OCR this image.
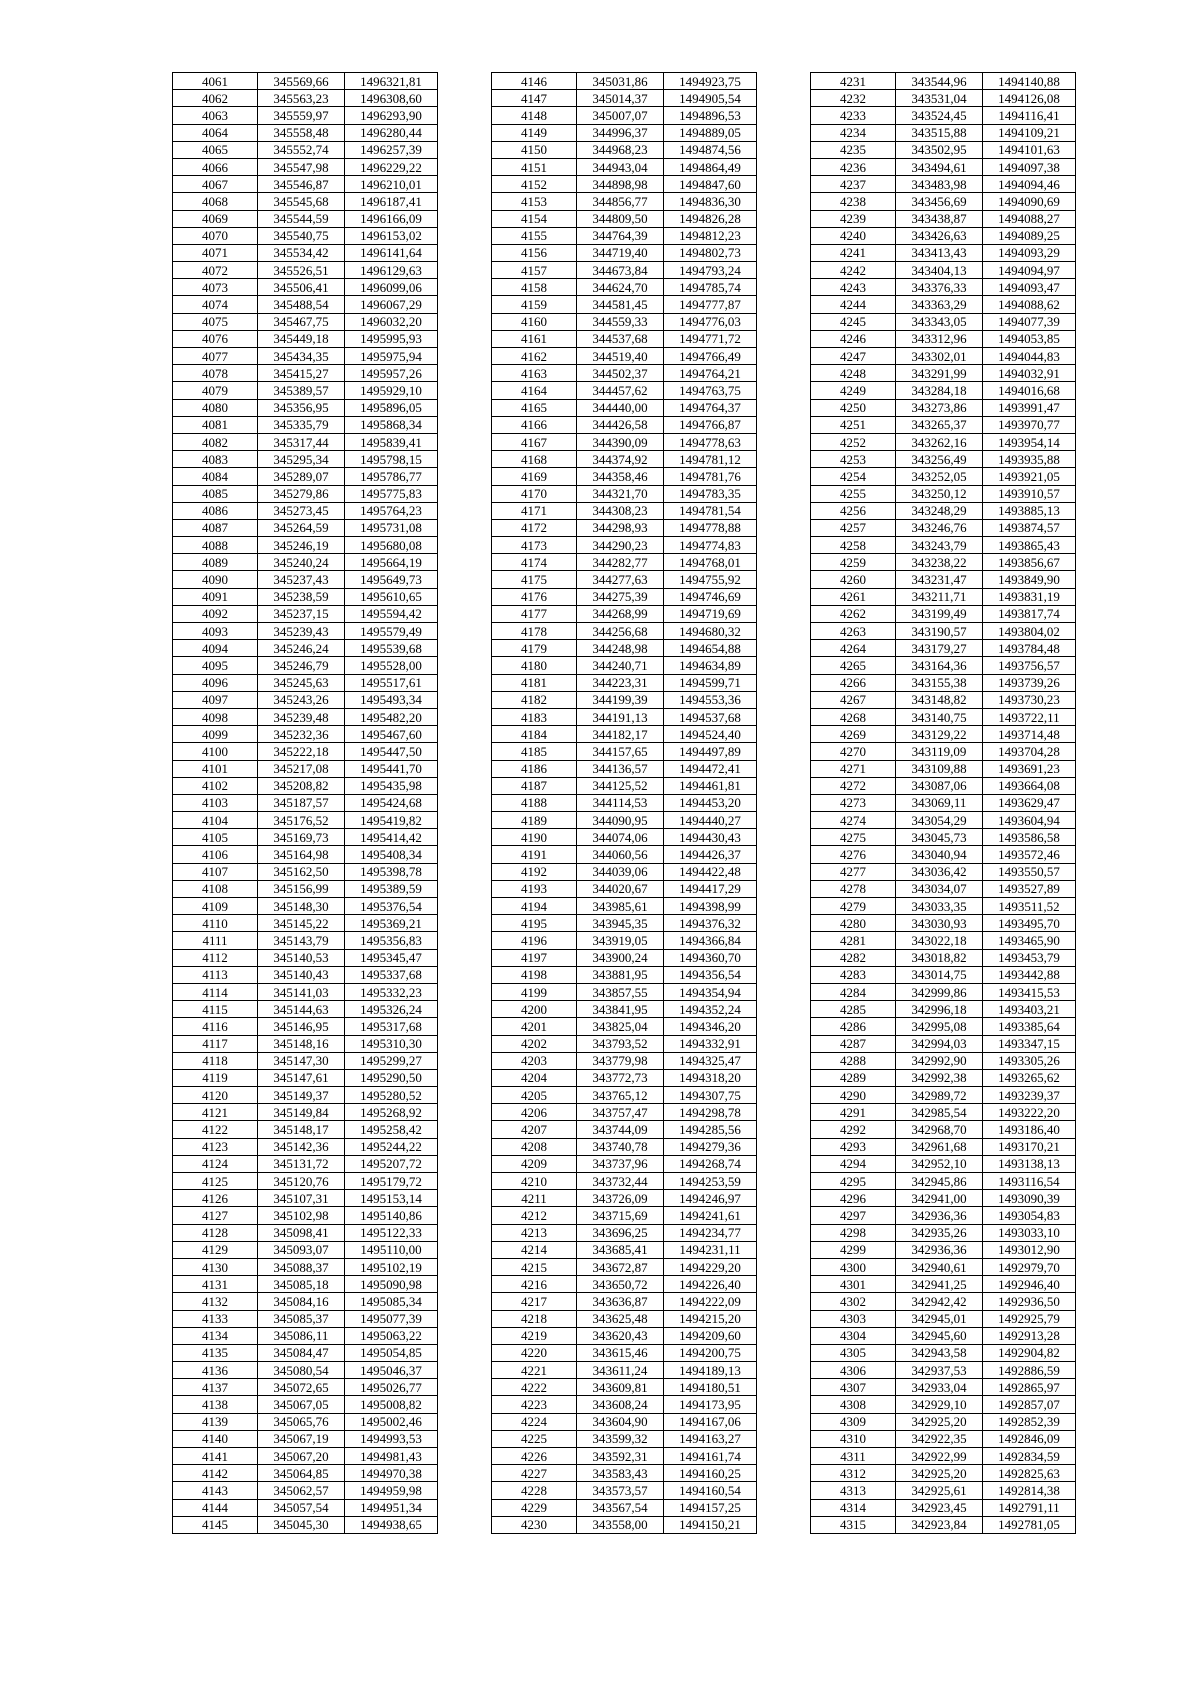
4061	345569,66	1496321,81
4062	345563,23	1496308,60
4063	345559,97	1496293,90
4064	345558,48	1496280,44
4065	345552,74	1496257,39
4066	345547,98	1496229,22
4067	345546,87	1496210,01
4068	345545,68	1496187,41
4069	345544,59	1496166,09
4070	345540,75	1496153,02
4071	345534,42	1496141,64
4072	345526,51	1496129,63
4073	345506,41	1496099,06
4074	345488,54	1496067,29
4075	345467,75	1496032,20
4076	345449,18	1495995,93
4077	345434,35	1495975,94
4078	345415,27	1495957,26
4079	345389,57	1495929,10
4080	345356,95	1495896,05
4081	345335,79	1495868,34
4082	345317,44	1495839,41
4083	345295,34	1495798,15
4084	345289,07	1495786,77
4085	345279,86	1495775,83
4086	345273,45	1495764,23
4087	345264,59	1495731,08
4088	345246,19	1495680,08
4089	345240,24	1495664,19
4090	345237,43	1495649,73
4091	345238,59	1495610,65
4092	345237,15	1495594,42
4093	345239,43	1495579,49
4094	345246,24	1495539,68
4095	345246,79	1495528,00
4096	345245,63	1495517,61
4097	345243,26	1495493,34
4098	345239,48	1495482,20
4099	345232,36	1495467,60
4100	345222,18	1495447,50
4101	345217,08	1495441,70
4102	345208,82	1495435,98
4103	345187,57	1495424,68
4104	345176,52	1495419,82
4105	345169,73	1495414,42
4106	345164,98	1495408,34
4107	345162,50	1495398,78
4108	345156,99	1495389,59
4109	345148,30	1495376,54
4110	345145,22	1495369,21
4111	345143,79	1495356,83
4112	345140,53	1495345,47
4113	345140,43	1495337,68
4114	345141,03	1495332,23
4115	345144,63	1495326,24
4116	345146,95	1495317,68
4117	345148,16	1495310,30
4118	345147,30	1495299,27
4119	345147,61	1495290,50
4120	345149,37	1495280,52
4121	345149,84	1495268,92
4122	345148,17	1495258,42
4123	345142,36	1495244,22
4124	345131,72	1495207,72
4125	345120,76	1495179,72
4126	345107,31	1495153,14
4127	345102,98	1495140,86
4128	345098,41	1495122,33
4129	345093,07	1495110,00
4130	345088,37	1495102,19
4131	345085,18	1495090,98
4132	345084,16	1495085,34
4133	345085,37	1495077,39
4134	345086,11	1495063,22
4135	345084,47	1495054,85
4136	345080,54	1495046,37
4137	345072,65	1495026,77
4138	345067,05	1495008,82
4139	345065,76	1495002,46
4140	345067,19	1494993,53
4141	345067,20	1494981,43
4142	345064,85	1494970,38
4143	345062,57	1494959,98
4144	345057,54	1494951,34
4145	345045,30	1494938,65
4146	345031,86	1494923,75
4147	345014,37	1494905,54
4148	345007,07	1494896,53
4149	344996,37	1494889,05
4150	344968,23	1494874,56
4151	344943,04	1494864,49
4152	344898,98	1494847,60
4153	344856,77	1494836,30
4154	344809,50	1494826,28
4155	344764,39	1494812,23
4156	344719,40	1494802,73
4157	344673,84	1494793,24
4158	344624,70	1494785,74
4159	344581,45	1494777,87
4160	344559,33	1494776,03
4161	344537,68	1494771,72
4162	344519,40	1494766,49
4163	344502,37	1494764,21
4164	344457,62	1494763,75
4165	344440,00	1494764,37
4166	344426,58	1494766,87
4167	344390,09	1494778,63
4168	344374,92	1494781,12
4169	344358,46	1494781,76
4170	344321,70	1494783,35
4171	344308,23	1494781,54
4172	344298,93	1494778,88
4173	344290,23	1494774,83
4174	344282,77	1494768,01
4175	344277,63	1494755,92
4176	344275,39	1494746,69
4177	344268,99	1494719,69
4178	344256,68	1494680,32
4179	344248,98	1494654,88
4180	344240,71	1494634,89
4181	344223,31	1494599,71
4182	344199,39	1494553,36
4183	344191,13	1494537,68
4184	344182,17	1494524,40
4185	344157,65	1494497,89
4186	344136,57	1494472,41
4187	344125,52	1494461,81
4188	344114,53	1494453,20
4189	344090,95	1494440,27
4190	344074,06	1494430,43
4191	344060,56	1494426,37
4192	344039,06	1494422,48
4193	344020,67	1494417,29
4194	343985,61	1494398,99
4195	343945,35	1494376,32
4196	343919,05	1494366,84
4197	343900,24	1494360,70
4198	343881,95	1494356,54
4199	343857,55	1494354,94
4200	343841,95	1494352,24
4201	343825,04	1494346,20
4202	343793,52	1494332,91
4203	343779,98	1494325,47
4204	343772,73	1494318,20
4205	343765,12	1494307,75
4206	343757,47	1494298,78
4207	343744,09	1494285,56
4208	343740,78	1494279,36
4209	343737,96	1494268,74
4210	343732,44	1494253,59
4211	343726,09	1494246,97
4212	343715,69	1494241,61
4213	343696,25	1494234,77
4214	343685,41	1494231,11
4215	343672,87	1494229,20
4216	343650,72	1494226,40
4217	343636,87	1494222,09
4218	343625,48	1494215,20
4219	343620,43	1494209,60
4220	343615,46	1494200,75
4221	343611,24	1494189,13
4222	343609,81	1494180,51
4223	343608,24	1494173,95
4224	343604,90	1494167,06
4225	343599,32	1494163,27
4226	343592,31	1494161,74
4227	343583,43	1494160,25
4228	343573,57	1494160,54
4229	343567,54	1494157,25
4230	343558,00	1494150,21
4231	343544,96	1494140,88
4232	343531,04	1494126,08
4233	343524,45	1494116,41
4234	343515,88	1494109,21
4235	343502,95	1494101,63
4236	343494,61	1494097,38
4237	343483,98	1494094,46
4238	343456,69	1494090,69
4239	343438,87	1494088,27
4240	343426,63	1494089,25
4241	343413,43	1494093,29
4242	343404,13	1494094,97
4243	343376,33	1494093,47
4244	343363,29	1494088,62
4245	343343,05	1494077,39
4246	343312,96	1494053,85
4247	343302,01	1494044,83
4248	343291,99	1494032,91
4249	343284,18	1494016,68
4250	343273,86	1493991,47
4251	343265,37	1493970,77
4252	343262,16	1493954,14
4253	343256,49	1493935,88
4254	343252,05	1493921,05
4255	343250,12	1493910,57
4256	343248,29	1493885,13
4257	343246,76	1493874,57
4258	343243,79	1493865,43
4259	343238,22	1493856,67
4260	343231,47	1493849,90
4261	343211,71	1493831,19
4262	343199,49	1493817,74
4263	343190,57	1493804,02
4264	343179,27	1493784,48
4265	343164,36	1493756,57
4266	343155,38	1493739,26
4267	343148,82	1493730,23
4268	343140,75	1493722,11
4269	343129,22	1493714,48
4270	343119,09	1493704,28
4271	343109,88	1493691,23
4272	343087,06	1493664,08
4273	343069,11	1493629,47
4274	343054,29	1493604,94
4275	343045,73	1493586,58
4276	343040,94	1493572,46
4277	343036,42	1493550,57
4278	343034,07	1493527,89
4279	343033,35	1493511,52
4280	343030,93	1493495,70
4281	343022,18	1493465,90
4282	343018,82	1493453,79
4283	343014,75	1493442,88
4284	342999,86	1493415,53
4285	342996,18	1493403,21
4286	342995,08	1493385,64
4287	342994,03	1493347,15
4288	342992,90	1493305,26
4289	342992,38	1493265,62
4290	342989,72	1493239,37
4291	342985,54	1493222,20
4292	342968,70	1493186,40
4293	342961,68	1493170,21
4294	342952,10	1493138,13
4295	342945,86	1493116,54
4296	342941,00	1493090,39
4297	342936,36	1493054,83
4298	342935,26	1493033,10
4299	342936,36	1493012,90
4300	342940,61	1492979,70
4301	342941,25	1492946,40
4302	342942,42	1492936,50
4303	342945,01	1492925,79
4304	342945,60	1492913,28
4305	342943,58	1492904,82
4306	342937,53	1492886,59
4307	342933,04	1492865,97
4308	342929,10	1492857,07
4309	342925,20	1492852,39
4310	342922,35	1492846,09
4311	342922,99	1492834,59
4312	342925,20	1492825,63
4313	342925,61	1492814,38
4314	342923,45	1492791,11
4315	342923,84	1492781,05
